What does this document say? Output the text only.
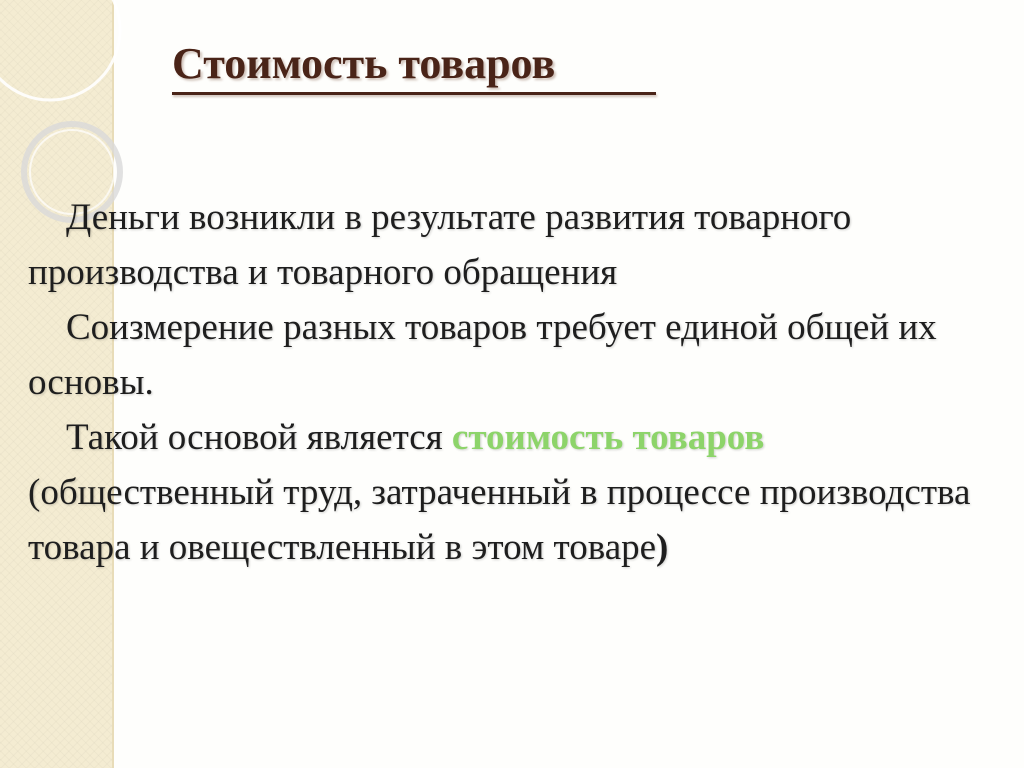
Стоимость товаров

Деньги возникли в результате развития товарного производства и товарного обращения

Соизмерение разных товаров требует единой общей их основы.

Такой основой является стоимость товаров (общественный труд, затраченный в процессе производства товара и овеществленный в этом товаре)
